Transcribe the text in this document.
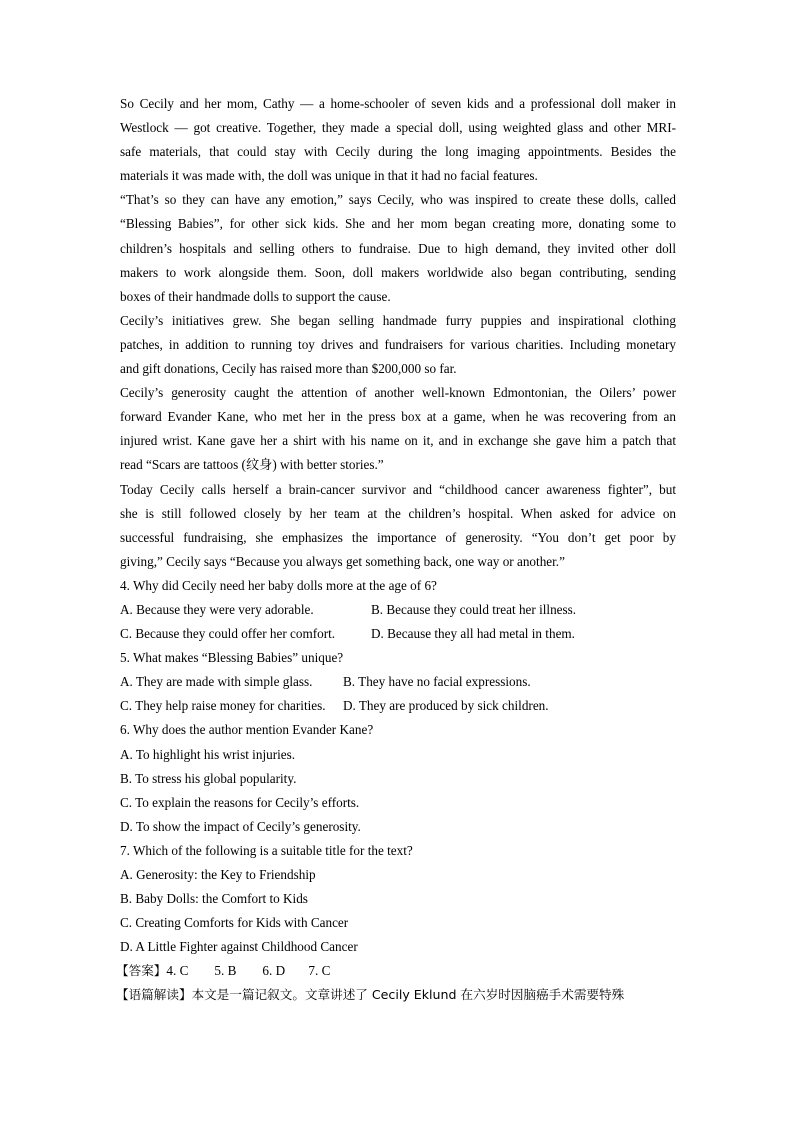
So Cecily and her mom, Cathy — a home-schooler of seven kids and a professional doll maker in
Westlock — got creative. Together, they made a special doll, using weighted glass and other MRI-
safe materials, that could stay with Cecily during the long imaging appointments. Besides the
materials it was made with, the doll was unique in that it had no facial features.
“That’s so they can have any emotion,” says Cecily, who was inspired to create these dolls, called
“Blessing Babies”, for other sick kids. She and her mom began creating more, donating some to
children’s hospitals and selling others to fundraise. Due to high demand, they invited other doll
makers to work alongside them. Soon, doll makers worldwide also began contributing, sending
boxes of their handmade dolls to support the cause.
Cecily’s initiatives grew. She began selling handmade furry puppies and inspirational clothing
patches, in addition to running toy drives and fundraisers for various charities. Including monetary
and gift donations, Cecily has raised more than $200,000 so far.
Cecily’s generosity caught the attention of another well-known Edmontonian, the Oilers’ power
forward Evander Kane, who met her in the press box at a game, when he was recovering from an
injured wrist. Kane gave her a shirt with his name on it, and in exchange she gave him a patch that
read “Scars are tattoos (纹身) with better stories.”
Today Cecily calls herself a brain-cancer survivor and “childhood cancer awareness fighter”, but
she is still followed closely by her team at the children’s hospital. When asked for advice on
successful fundraising, she emphasizes the importance of generosity. “You don’t get poor by
giving,” Cecily says “Because you always get something back, one way or another.”
4. Why did Cecily need her baby dolls more at the age of 6?
A. Because they were very adorable.	B. Because they could treat her illness.
C. Because they could offer her comfort.	D. Because they all had metal in them.
5. What makes “Blessing Babies” unique?
A. They are made with simple glass.	B. They have no facial expressions.
C. They help raise money for charities.	D. They are produced by sick children.
6. Why does the author mention Evander Kane?
A. To highlight his wrist injuries.
B. To stress his global popularity.
C. To explain the reasons for Cecily’s efforts.
D. To show the impact of Cecily’s generosity.
7. Which of the following is a suitable title for the text?
A. Generosity: the Key to Friendship
B. Baby Dolls: the Comfort to Kids
C. Creating Comforts for Kids with Cancer
D. A Little Fighter against Childhood Cancer
【答案】4. C 5. B 6. D 7. C
【语篇解读】本文是一篇记叙文。文章讲述了 Cecily Eklund 在六岁时因脑癌手术需要特殊
